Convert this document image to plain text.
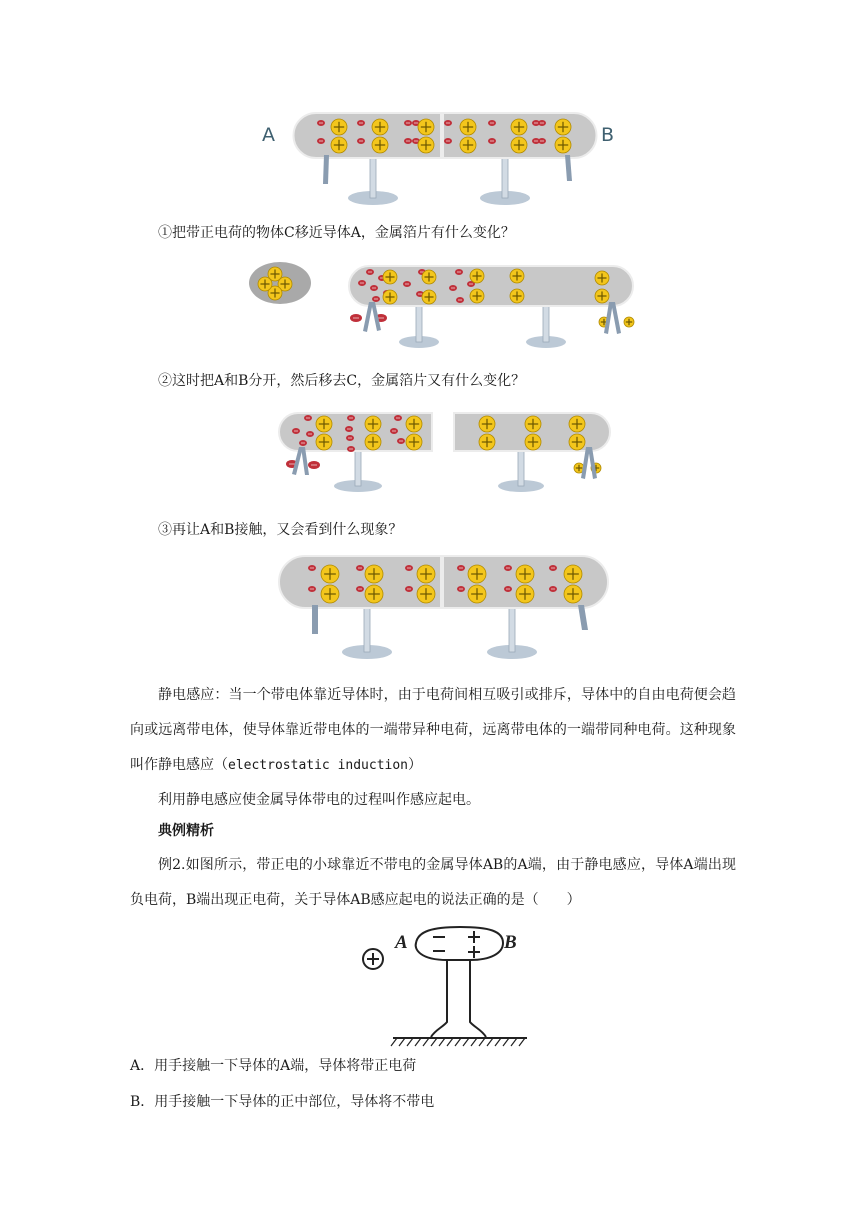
A	B

①把带正电荷的物体C移近导体A，金属箔片有什么变化？

②这时把A和B分开，然后移去C，金属箔片又有什么变化？

③再让A和B接触，又会看到什么现象？

静电感应：当一个带电体靠近导体时，由于电荷间相互吸引或排斥，导体中的自由电荷便会趋向或远离带电体，使导体靠近带电体的一端带异种电荷，远离带电体的一端带同种电荷。这种现象叫作静电感应（electrostatic induction）

利用静电感应使金属导体带电的过程叫作感应起电。

典例精析

例2.如图所示，带正电的小球靠近不带电的金属导体AB的A端，由于静电感应，导体A端出现负电荷，B端出现正电荷，关于导体AB感应起电的说法正确的是（　　）

A	B

A．用手接触一下导体的A端，导体将带正电荷

B．用手接触一下导体的正中部位，导体将不带电
